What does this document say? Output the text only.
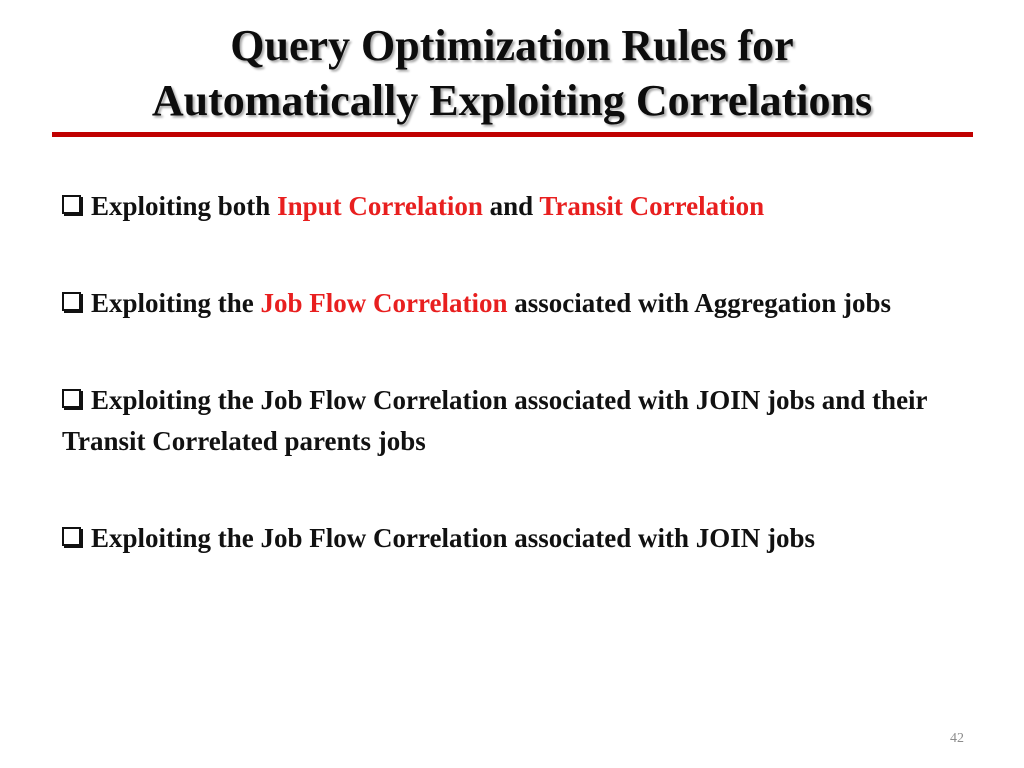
Query Optimization Rules for
Automatically Exploiting Correlations
Exploiting both Input Correlation and Transit Correlation
Exploiting the Job Flow Correlation associated with Aggregation jobs
Exploiting the Job Flow Correlation associated with JOIN jobs and their Transit Correlated parents jobs
Exploiting the Job Flow Correlation associated with JOIN jobs
42
